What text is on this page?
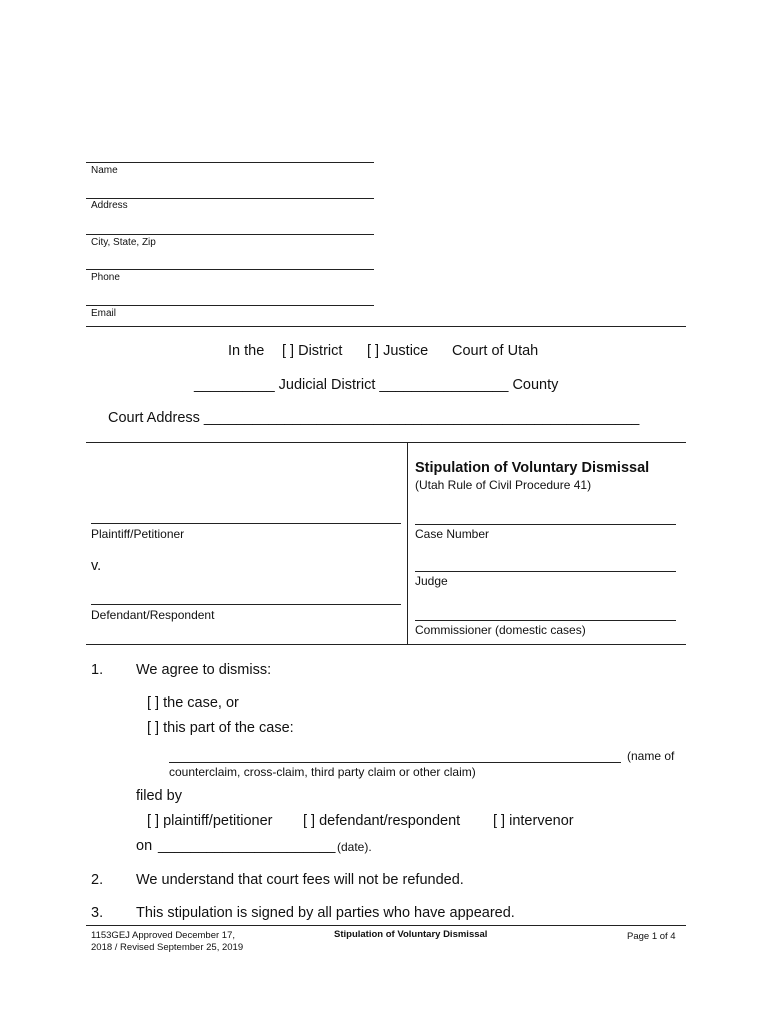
Name
Address
City, State, Zip
Phone
Email
In the [ ] District [ ] Justice Court of Utah
__________ Judicial District ________________ County
Court Address ______________________________________________________
Stipulation of Voluntary Dismissal
(Utah Rule of Civil Procedure 41)
Plaintiff/Petitioner
v.
Defendant/Respondent
Case Number
Judge
Commissioner (domestic cases)
1. We agree to dismiss:
[ ] the case, or
[ ] this part of the case:
(name of
counterclaim, cross-claim, third party claim or other claim)
filed by
[ ] plaintiff/petitioner [ ] defendant/respondent [ ] intervenor
on ______________________ (date).
2. We understand that court fees will not be refunded.
3. This stipulation is signed by all parties who have appeared.
1153GEJ Approved December 17,
2018 / Revised September 25, 2019
Stipulation of Voluntary Dismissal	Page 1 of 4
